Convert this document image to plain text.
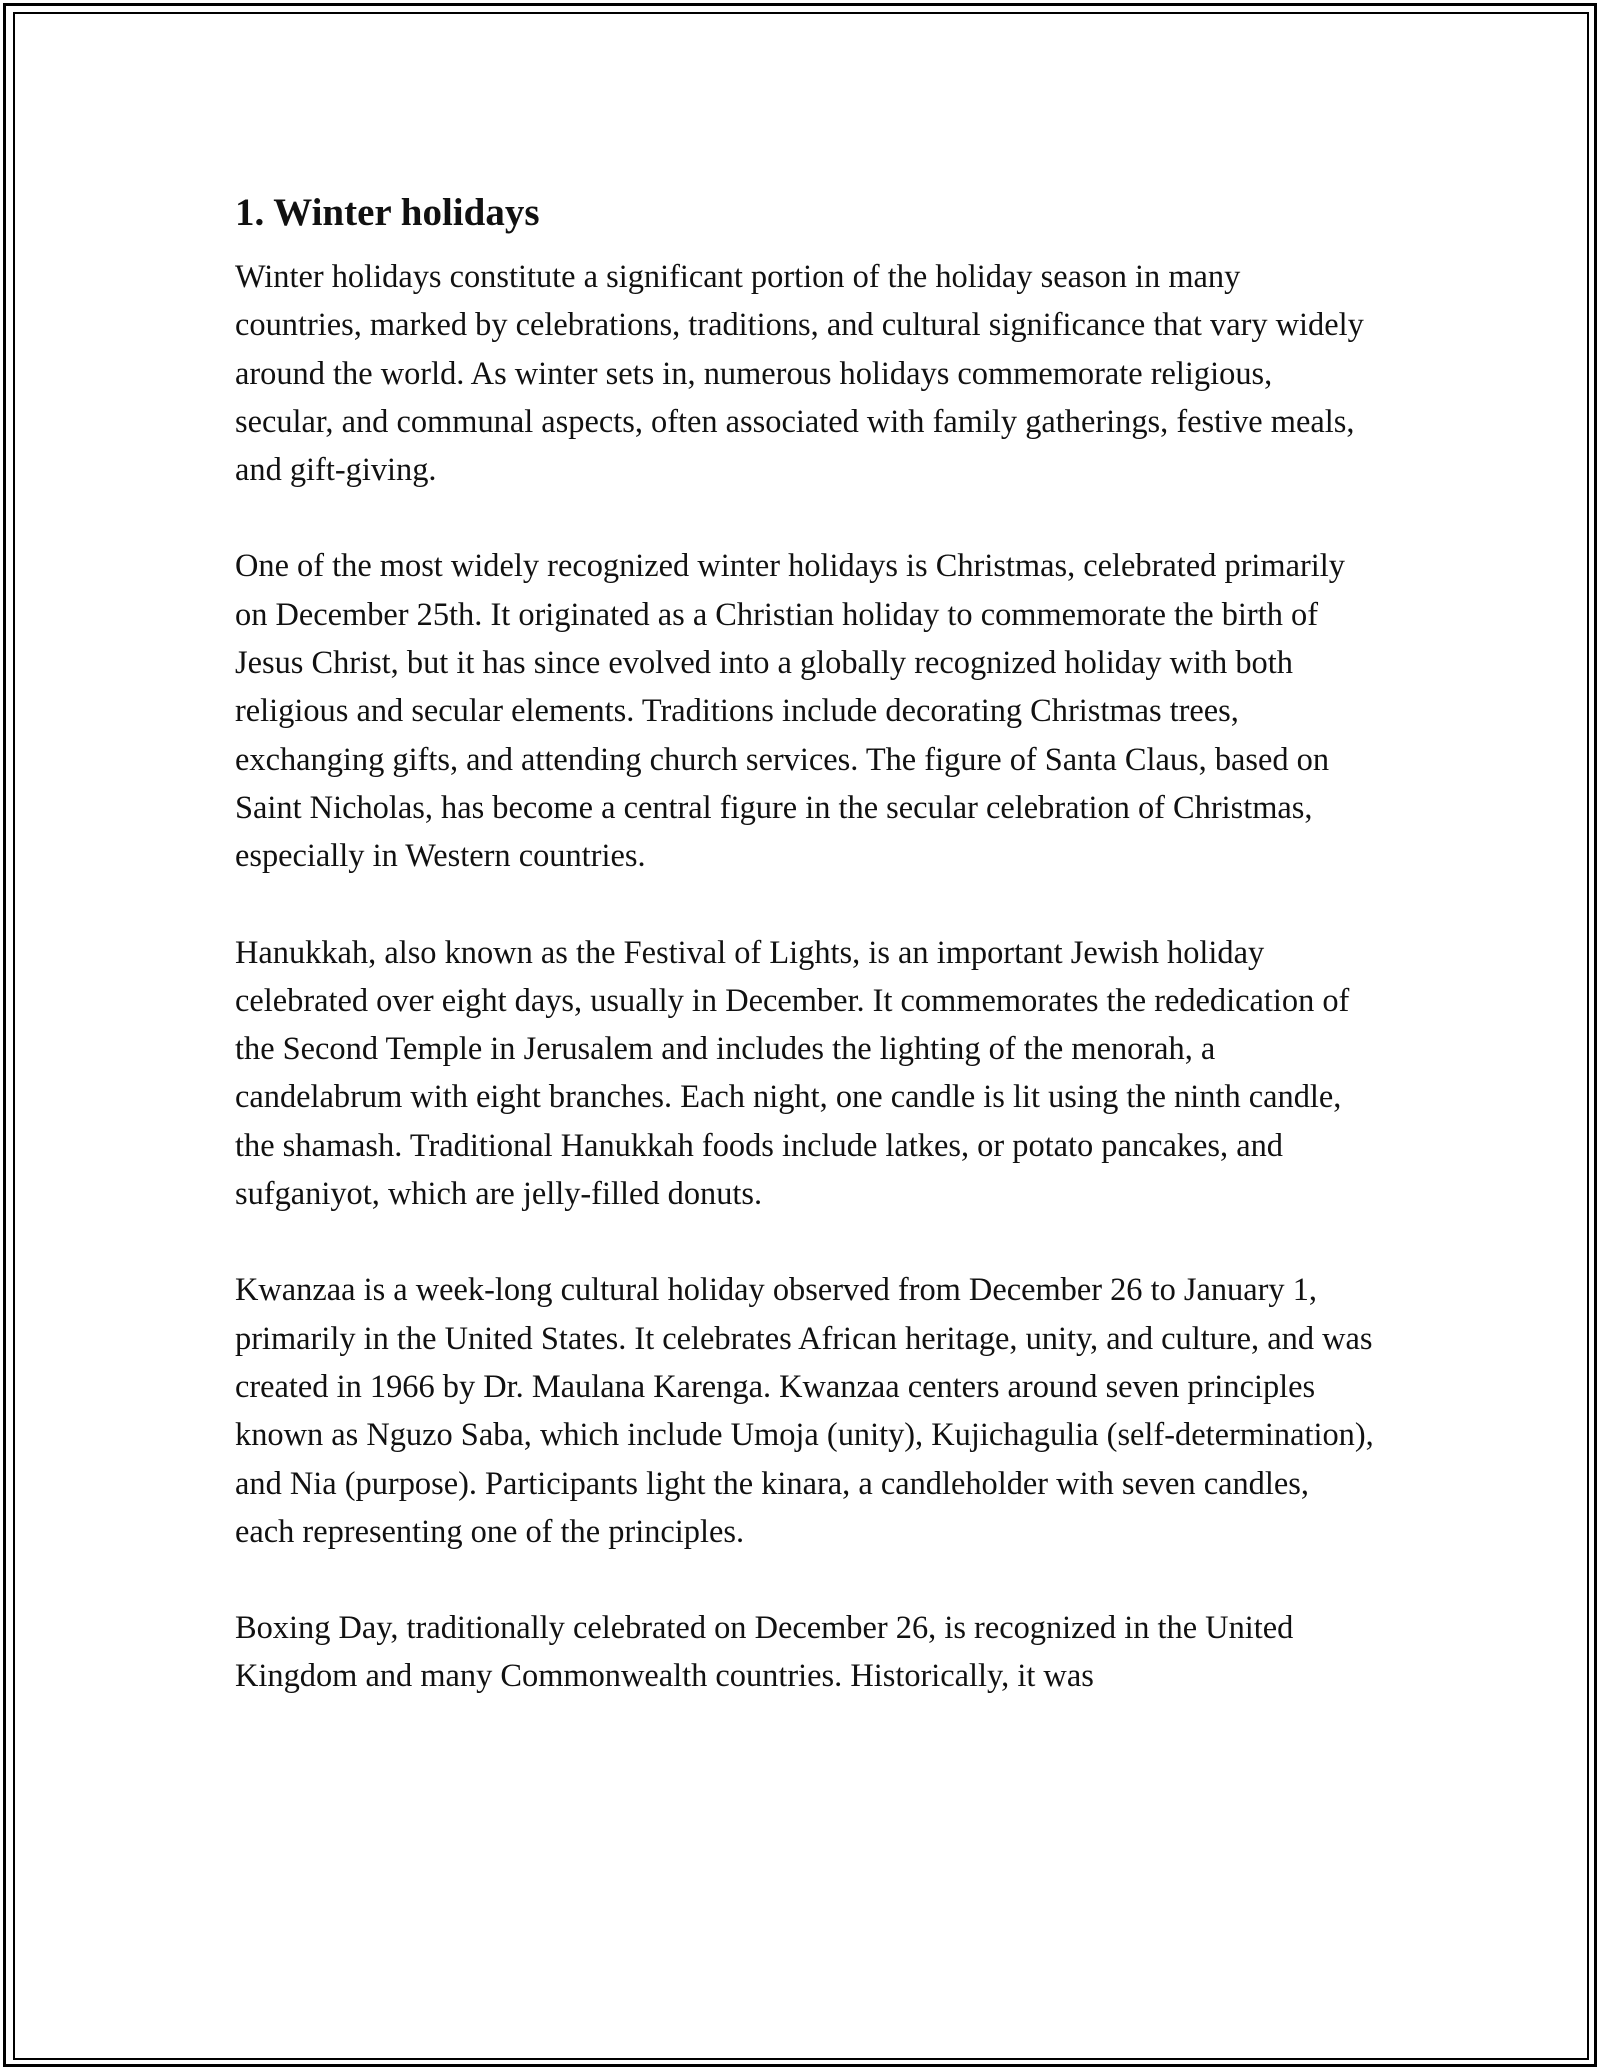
1. Winter holidays

Winter holidays constitute a significant portion of the holiday season in many countries, marked by celebrations, traditions, and cultural significance that vary widely around the world. As winter sets in, numerous holidays commemorate religious, secular, and communal aspects, often associated with family gatherings, festive meals, and gift-giving.

One of the most widely recognized winter holidays is Christmas, celebrated primarily on December 25th. It originated as a Christian holiday to commemorate the birth of Jesus Christ, but it has since evolved into a globally recognized holiday with both religious and secular elements. Traditions include decorating Christmas trees, exchanging gifts, and attending church services. The figure of Santa Claus, based on Saint Nicholas, has become a central figure in the secular celebration of Christmas, especially in Western countries.

Hanukkah, also known as the Festival of Lights, is an important Jewish holiday celebrated over eight days, usually in December. It commemorates the rededication of the Second Temple in Jerusalem and includes the lighting of the menorah, a candelabrum with eight branches. Each night, one candle is lit using the ninth candle, the shamash. Traditional Hanukkah foods include latkes, or potato pancakes, and sufganiyot, which are jelly-filled donuts.

Kwanzaa is a week-long cultural holiday observed from December 26 to January 1, primarily in the United States. It celebrates African heritage, unity, and culture, and was created in 1966 by Dr. Maulana Karenga. Kwanzaa centers around seven principles known as Nguzo Saba, which include Umoja (unity), Kujichagulia (self-determination), and Nia (purpose). Participants light the kinara, a candleholder with seven candles, each representing one of the principles.

Boxing Day, traditionally celebrated on December 26, is recognized in the United Kingdom and many Commonwealth countries. Historically, it was
